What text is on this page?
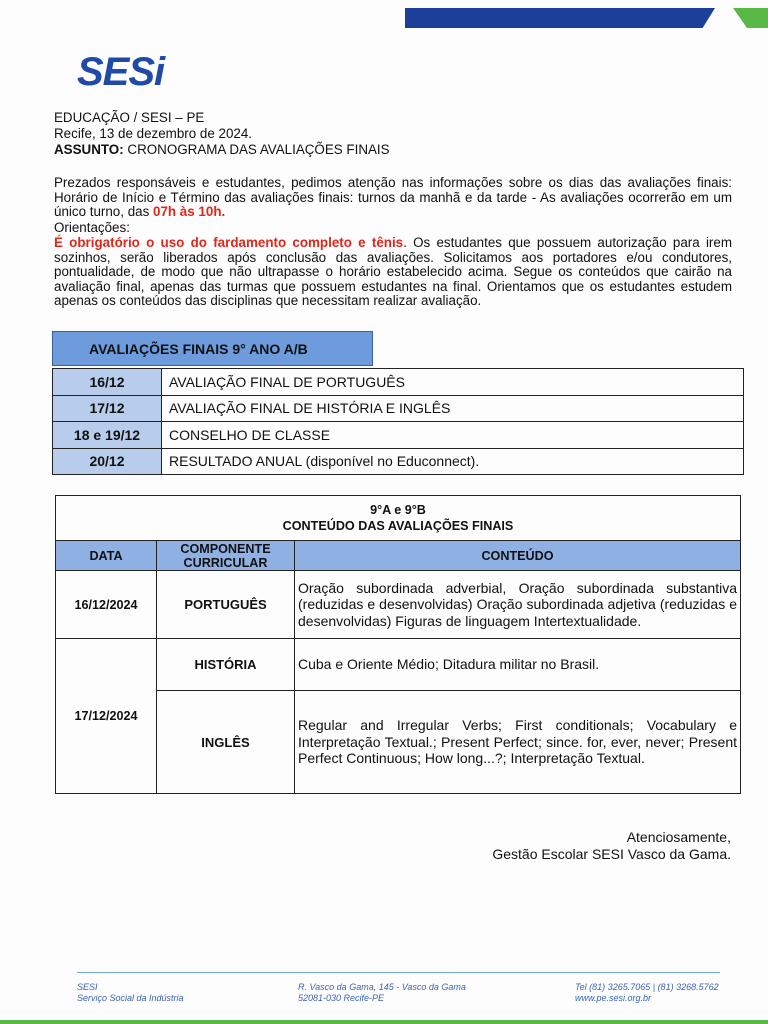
SESi
EDUCAÇÃO / SESI – PE
Recife, 13 de dezembro de 2024.
ASSUNTO: CRONOGRAMA DAS AVALIAÇÕES FINAIS
Prezados responsáveis e estudantes, pedimos atenção nas informações sobre os dias das avaliações finais: Horário de Início e Término das avaliações finais: turnos da manhã e da tarde - As avaliações ocorrerão em um único turno, das 07h às 10h.
Orientações:
É obrigatório o uso do fardamento completo e tênis. Os estudantes que possuem autorização para irem sozinhos, serão liberados após conclusão das avaliações. Solicitamos aos portadores e/ou condutores, pontualidade, de modo que não ultrapasse o horário estabelecido acima. Segue os conteúdos que cairão na avaliação final, apenas das turmas que possuem estudantes na final. Orientamos que os estudantes estudem apenas os conteúdos das disciplinas que necessitam realizar avaliação.
AVALIAÇÕES FINAIS 9° ANO A/B
16/12	AVALIAÇÃO FINAL DE PORTUGUÊS
17/12	AVALIAÇÃO FINAL DE HISTÓRIA E INGLÊS
18 e 19/12	CONSELHO DE CLASSE
20/12	RESULTADO ANUAL (disponível no Educonnect).
9°A e 9°B
CONTEÚDO DAS AVALIAÇÕES FINAIS		

DATA	COMPONENTE CURRICULAR	CONTEÚDO
16/12/2024	PORTUGUÊS	Oração subordinada adverbial, Oração subordinada substantiva (reduzidas e desenvolvidas) Oração subordinada adjetiva (reduzidas e desenvolvidas) Figuras de linguagem Intertextualidade.
17/12/2024	HISTÓRIA	Cuba e Oriente Médio; Ditadura militar no Brasil.
	INGLÊS	Regular and Irregular Verbs; First conditionals; Vocabulary e Interpretação Textual.; Present Perfect; since. for, ever, never; Present Perfect Continuous; How long...?; Interpretação Textual.
Atenciosamente,
Gestão Escolar SESI Vasco da Gama.
SESI
Serviço Social da Indústria
R. Vasco da Gama, 145 - Vasco da Gama
52081-030 Recife-PE
Tel (81) 3265.7065 | (81) 3268.5762
www.pe.sesi.org.br
